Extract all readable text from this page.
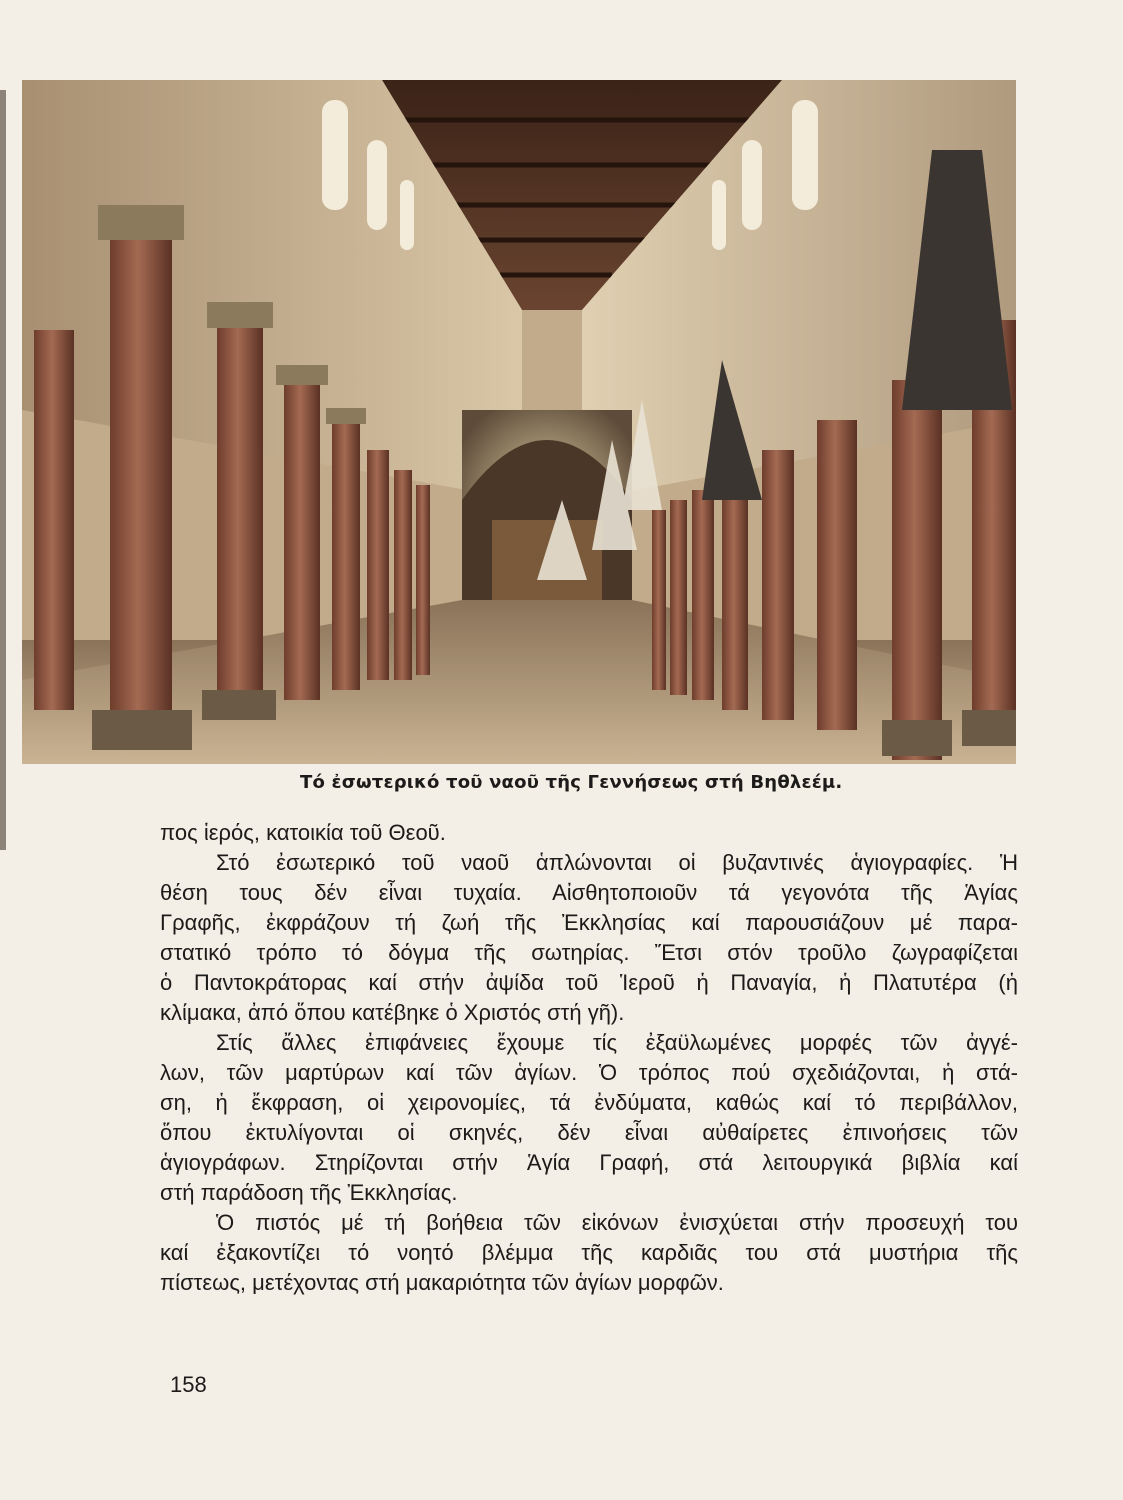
Τό ἐσωτερικό τοῦ ναοῦ τῆς Γεννήσεως στή Βηθλεέμ.

πος ἱερός, κατοικία τοῦ Θεοῦ.

Στό ἐσωτερικό τοῦ ναοῦ ἁπλώνονται οἱ βυζαντινές ἁγιογραφίες. Ἡ
θέση τους δέν εἶναι τυχαία. Αἰσθητοποιοῦν τά γεγονότα τῆς Ἁγίας
Γραφῆς, ἐκφράζουν τή ζωή τῆς Ἐκκλησίας καί παρουσιάζουν μέ παρα-
στατικό τρόπο τό δόγμα τῆς σωτηρίας. Ἔτσι στόν τροῦλο ζωγραφίζεται
ὁ Παντοκράτορας καί στήν ἀψίδα τοῦ Ἱεροῦ ἡ Παναγία, ἡ Πλατυτέρα (ἡ
κλίμακα, ἀπό ὅπου κατέβηκε ὁ Χριστός στή γῆ).

Στίς ἄλλες ἐπιφάνειες ἔχουμε τίς ἐξαϋλωμένες μορφές τῶν ἀγγέ-
λων, τῶν μαρτύρων καί τῶν ἁγίων. Ὁ τρόπος πού σχεδιάζονται, ἡ στά-
ση, ἡ ἔκφραση, οἱ χειρονομίες, τά ἐνδύματα, καθώς καί τό περιβάλλον,
ὅπου ἐκτυλίγονται οἱ σκηνές, δέν εἶναι αὐθαίρετες ἐπινοήσεις τῶν
ἁγιογράφων. Στηρίζονται στήν Ἁγία Γραφή, στά λειτουργικά βιβλία καί
στή παράδοση τῆς Ἐκκλησίας.

Ὁ πιστός μέ τή βοήθεια τῶν εἰκόνων ἐνισχύεται στήν προσευχή του
καί ἐξακοντίζει τό νοητό βλέμμα τῆς καρδιᾶς του στά μυστήρια τῆς
πίστεως, μετέχοντας στή μακαριότητα τῶν ἁγίων μορφῶν.

158
